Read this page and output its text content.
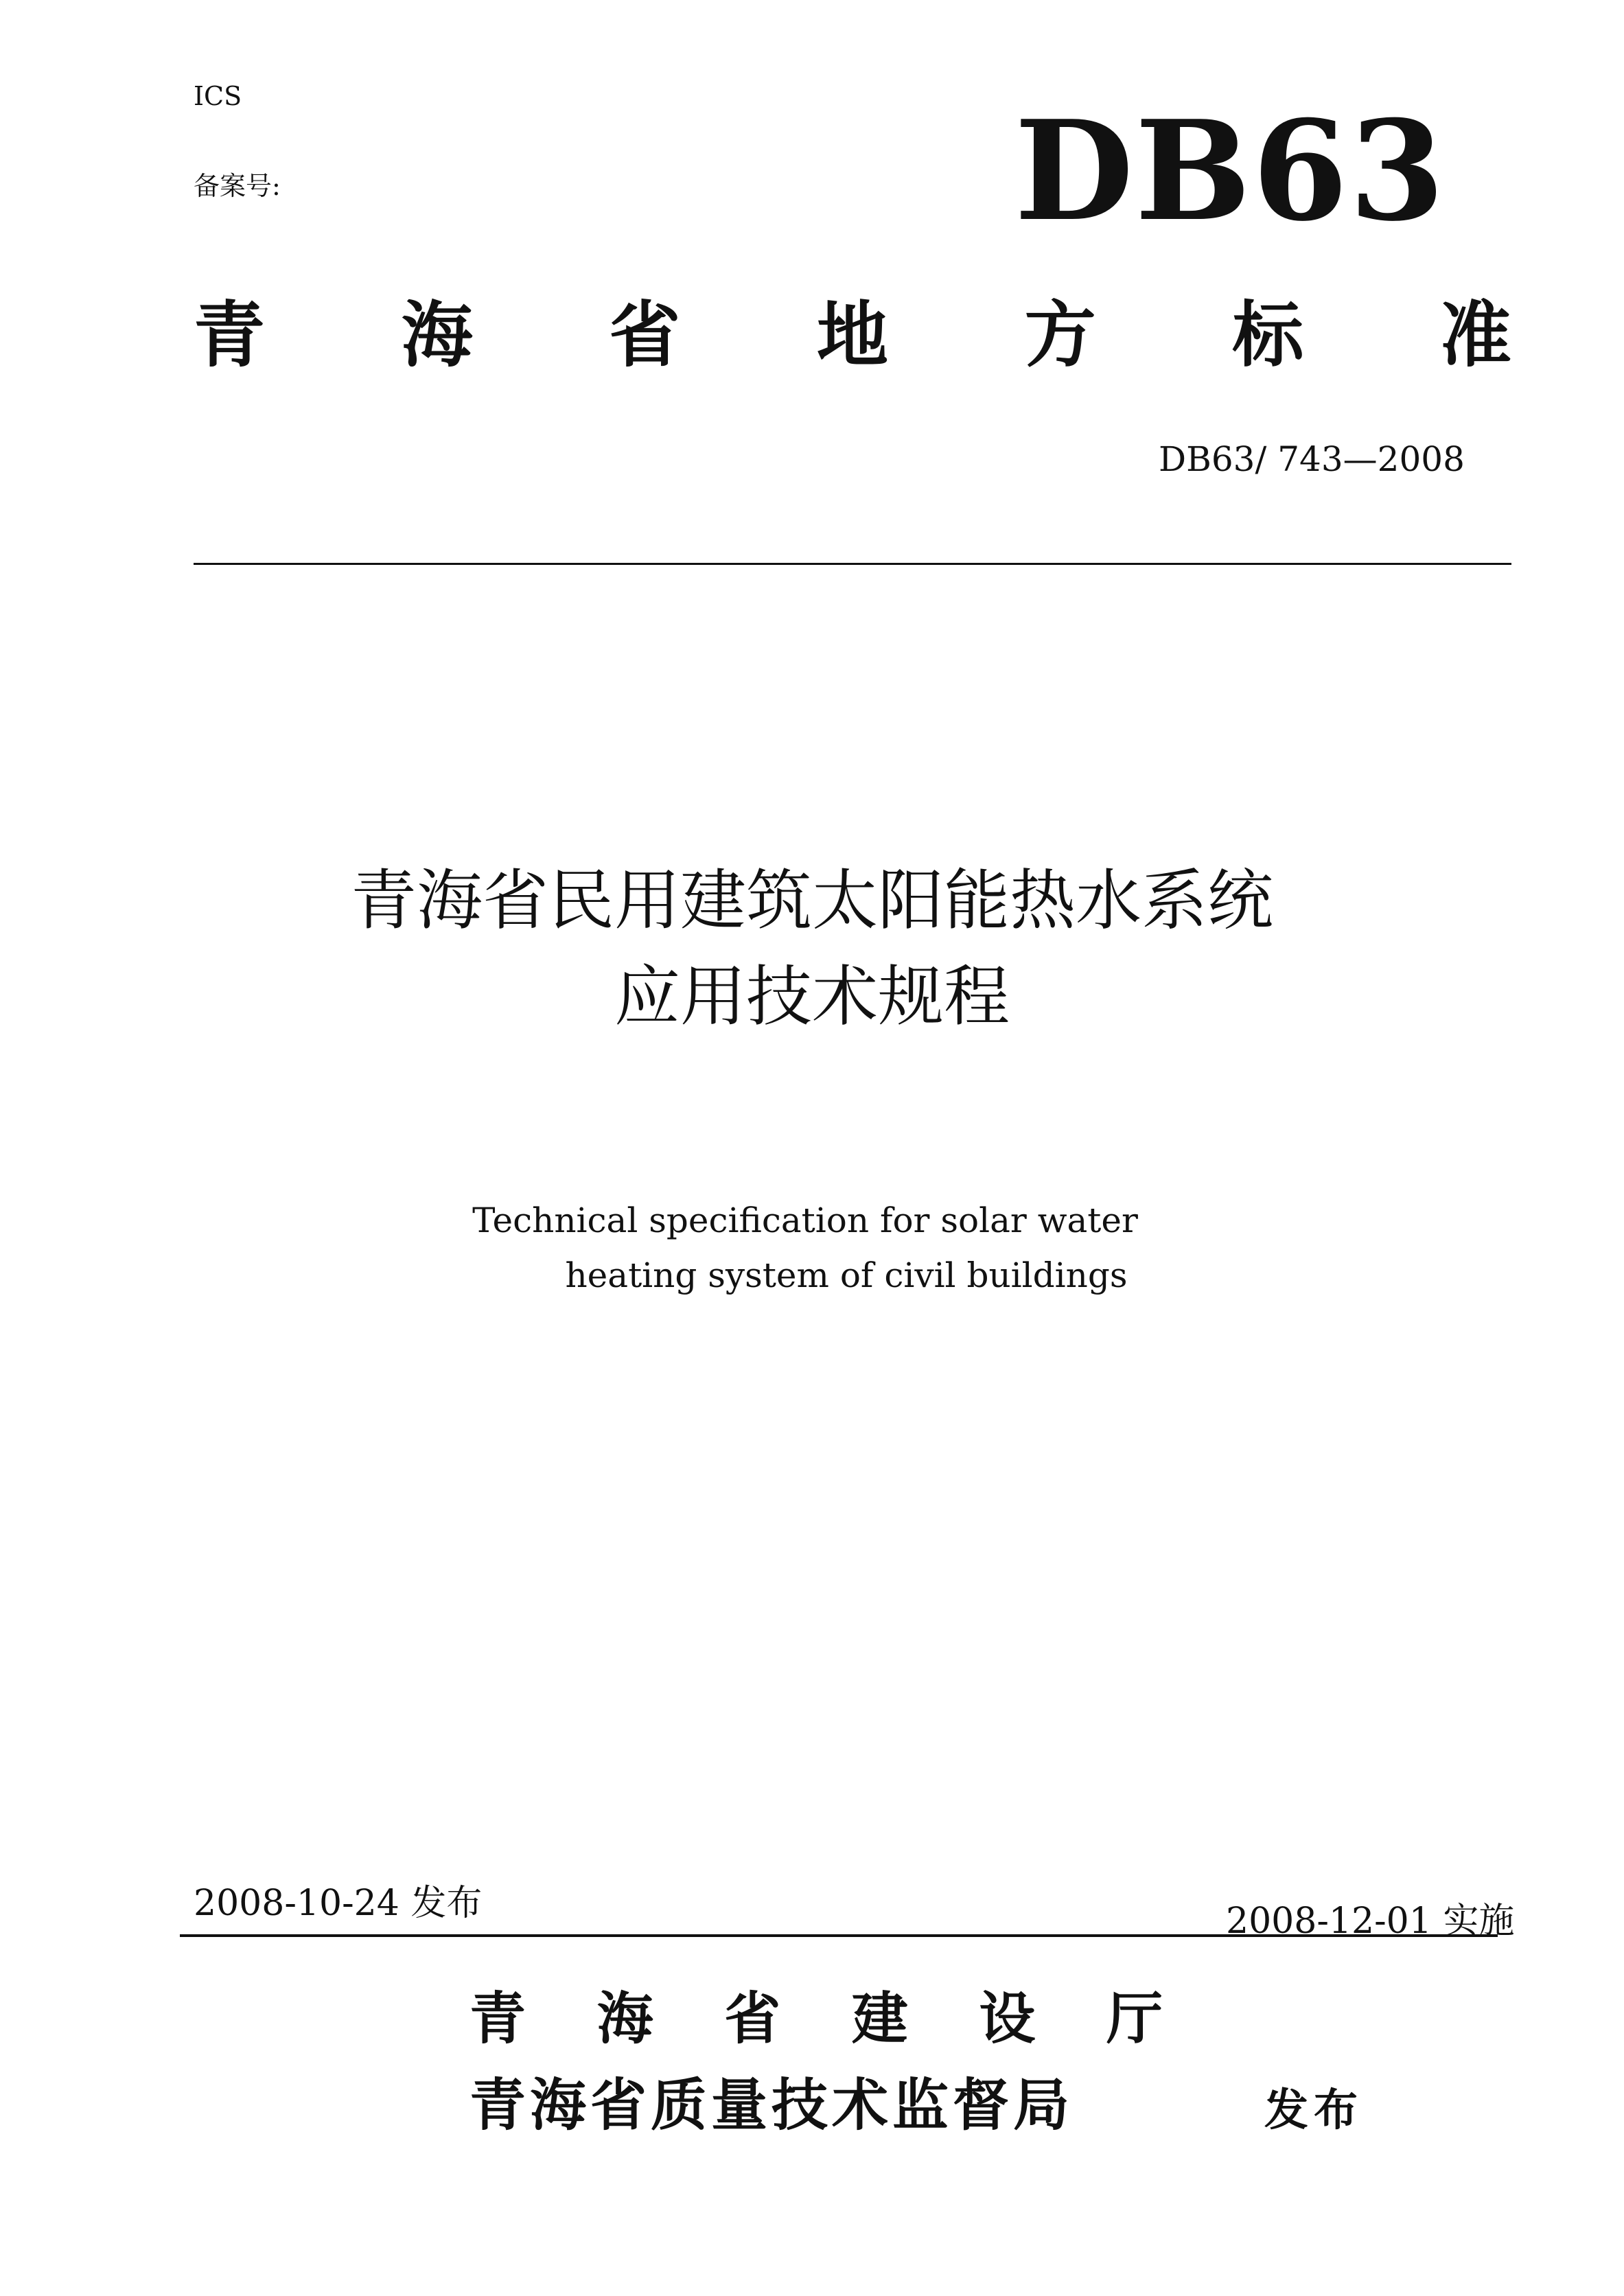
ICS
备案号:	DB63
青 海 省 地 方 标 准
DB63/ 743—2008
青海省民用建筑太阳能热水系统
应用技术规程
Technical specification for solar water
heating system of civil buildings
2008-10-24 发布	2008-12-01 实施
青 海 省 建 设 厅
青海省质量技术监督局	发布
